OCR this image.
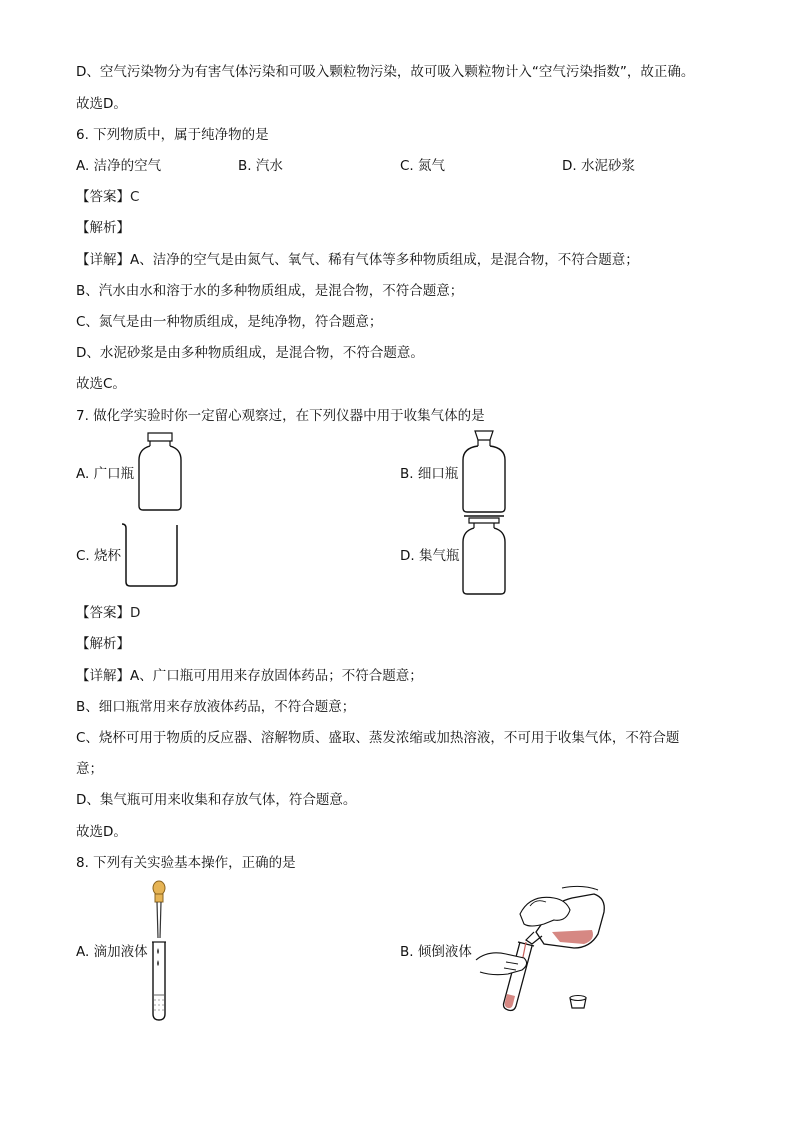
D、空气污染物分为有害气体污染和可吸入颗粒物污染，故可吸入颗粒物计入“空气污染指数”，故正确。
故选D。
6. 下列物质中，属于纯净物的是
A. 洁净的空气	B. 汽水	C. 氮气	D. 水泥砂浆
【答案】C
【解析】
【详解】A、洁净的空气是由氮气、氧气、稀有气体等多种物质组成，是混合物，不符合题意；
B、汽水由水和溶于水的多种物质组成，是混合物，不符合题意；
C、氮气是由一种物质组成，是纯净物，符合题意；
D、水泥砂浆是由多种物质组成，是混合物，不符合题意。
故选C。
7. 做化学实验时你一定留心观察过，在下列仪器中用于收集气体的是
A. 广口瓶	B. 细口瓶
C. 烧杯	D. 集气瓶
【答案】D
【解析】
【详解】A、广口瓶可用用来存放固体药品；不符合题意；
B、细口瓶常用来存放液体药品，不符合题意；
C、烧杯可用于物质的反应器、溶解物质、盛取、蒸发浓缩或加热溶液，不可用于收集气体，不符合题
意；
D、集气瓶可用来收集和存放气体，符合题意。
故选D。
8. 下列有关实验基本操作，正确的是
A. 滴加液体	B. 倾倒液体
